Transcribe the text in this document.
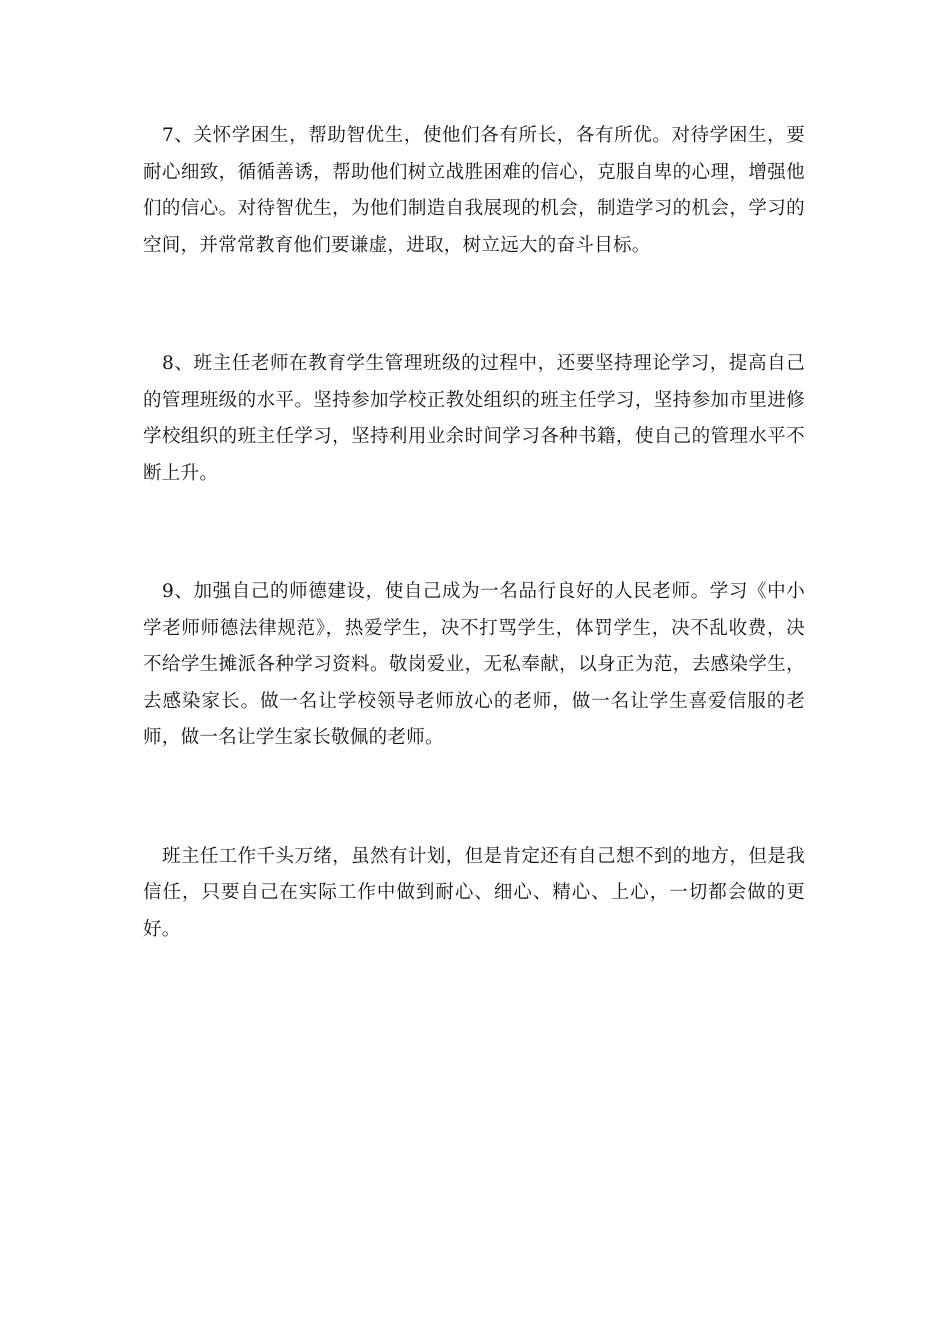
7、关怀学困生，帮助智优生，使他们各有所长，各有所优。对待学困生，要耐心细致，循循善诱，帮助他们树立战胜困难的信心，克服自卑的心理，增强他们的信心。对待智优生，为他们制造自我展现的机会，制造学习的机会，学习的空间，并常常教育他们要谦虚，进取，树立远大的奋斗目标。

8、班主任老师在教育学生管理班级的过程中，还要坚持理论学习，提高自己的管理班级的水平。坚持参加学校正教处组织的班主任学习，坚持参加市里进修学校组织的班主任学习，坚持利用业余时间学习各种书籍，使自己的管理水平不断上升。

9、加强自己的师德建设，使自己成为一名品行良好的人民老师。学习《中小学老师师德法律规范》，热爱学生，决不打骂学生，体罚学生，决不乱收费，决不给学生摊派各种学习资料。敬岗爱业，无私奉献，以身正为范，去感染学生，去感染家长。做一名让学校领导老师放心的老师，做一名让学生喜爱信服的老师，做一名让学生家长敬佩的老师。

班主任工作千头万绪，虽然有计划，但是肯定还有自己想不到的地方，但是我信任，只要自己在实际工作中做到耐心、细心、精心、上心，一切都会做的更好。
